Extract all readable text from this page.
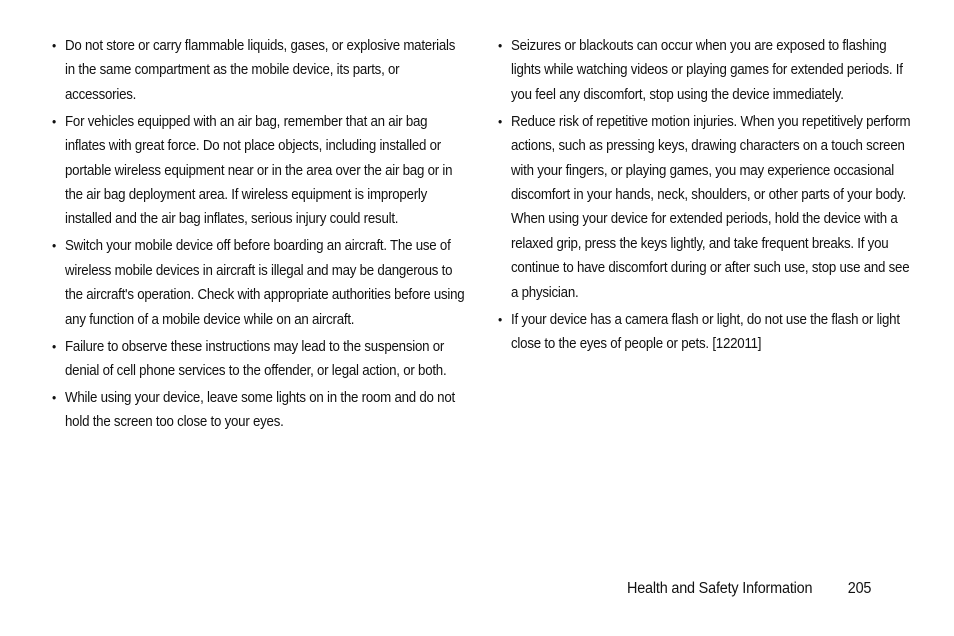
• Do not store or carry flammable liquids, gases, or explosive materials in the same compartment as the mobile device, its parts, or accessories.
• For vehicles equipped with an air bag, remember that an air bag inflates with great force. Do not place objects, including installed or portable wireless equipment near or in the area over the air bag or in the air bag deployment area. If wireless equipment is improperly installed and the air bag inflates, serious injury could result.
• Switch your mobile device off before boarding an aircraft. The use of wireless mobile devices in aircraft is illegal and may be dangerous to the aircraft's operation. Check with appropriate authorities before using any function of a mobile device while on an aircraft.
• Failure to observe these instructions may lead to the suspension or denial of cell phone services to the offender, or legal action, or both.
• While using your device, leave some lights on in the room and do not hold the screen too close to your eyes.
• Seizures or blackouts can occur when you are exposed to flashing lights while watching videos or playing games for extended periods. If you feel any discomfort, stop using the device immediately.
• Reduce risk of repetitive motion injuries. When you repetitively perform actions, such as pressing keys, drawing characters on a touch screen with your fingers, or playing games, you may experience occasional discomfort in your hands, neck, shoulders, or other parts of your body. When using your device for extended periods, hold the device with a relaxed grip, press the keys lightly, and take frequent breaks. If you continue to have discomfort during or after such use, stop use and see a physician.
• If your device has a camera flash or light, do not use the flash or light close to the eyes of people or pets. [122011]
Health and Safety Information 205
